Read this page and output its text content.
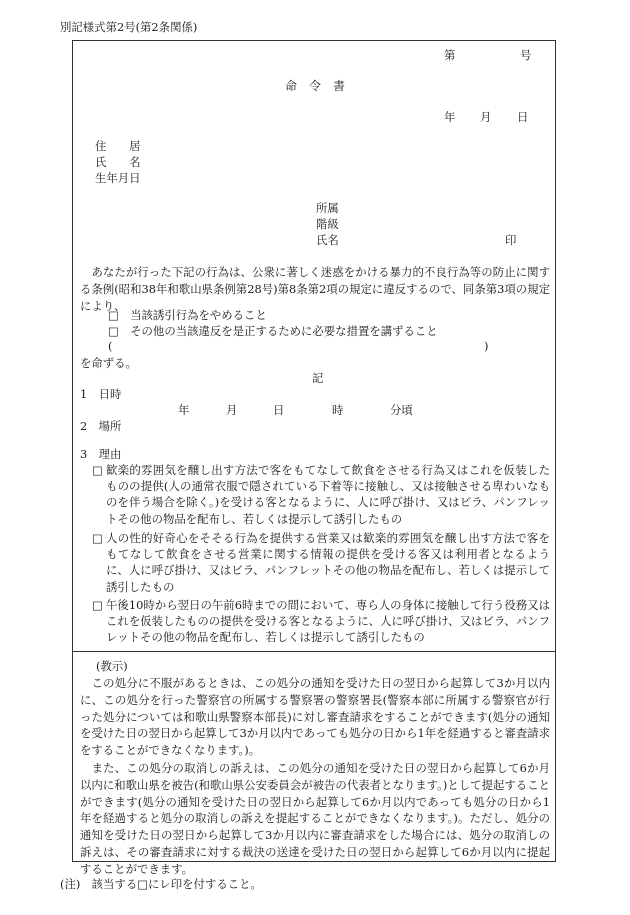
別記様式第2号(第2条関係)
第	号
命　令　書
年 月 日
住　　居
氏　　名
生年月日
所属
階級
氏名	印
　あなたが行った下記の行為は、公衆に著しく迷惑をかける暴力的不良行為等の防止に関する条例(昭和38年和歌山県条例第28号)第8条第2項の規定に違反するので、同条第3項の規定により、
□　当該誘引行為をやめること
□　その他の当該違反を是正するために必要な措置を講ずること
(	)
を命ずる。
記
1　日時
年	月	日	時	分頃
2　場所
3　理由
□ 歓楽的雰囲気を醸し出す方法で客をもてなして飲食をさせる行為又はこれを仮装したものの提供(人の通常衣服で隠されている下着等に接触し、又は接触させる卑わいなものを伴う場合を除く。)を受ける客となるように、人に呼び掛け、又はビラ、パンフレットその他の物品を配布し、若しくは提示して誘引したもの
□ 人の性的好奇心をそそる行為を提供する営業又は歓楽的雰囲気を醸し出す方法で客をもてなして飲食をさせる営業に関する情報の提供を受ける客又は利用者となるように、人に呼び掛け、又はビラ、パンフレットその他の物品を配布し、若しくは提示して誘引したもの
□ 午後10時から翌日の午前6時までの間において、専ら人の身体に接触して行う役務又はこれを仮装したものの提供を受ける客となるように、人に呼び掛け、又はビラ、パンフレットその他の物品を配布し、若しくは提示して誘引したもの
(教示)
　この処分に不服があるときは、この処分の通知を受けた日の翌日から起算して3か月以内に、この処分を行った警察官の所属する警察署の警察署長(警察本部に所属する警察官が行った処分については和歌山県警察本部長)に対し審査請求をすることができます(処分の通知を受けた日の翌日から起算して3か月以内であっても処分の日から1年を経過すると審査請求をすることができなくなります。)。
　また、この処分の取消しの訴えは、この処分の通知を受けた日の翌日から起算して6か月以内に和歌山県を被告(和歌山県公安委員会が被告の代表者となります。)として提起することができます(処分の通知を受けた日の翌日から起算して6か月以内であっても処分の日から1年を経過すると処分の取消しの訴えを提起することができなくなります。)。ただし、処分の通知を受けた日の翌日から起算して3か月以内に審査請求をした場合には、処分の取消しの訴えは、その審査請求に対する裁決の送達を受けた日の翌日から起算して6か月以内に提起することができます。
(注)　該当する□にレ印を付すること。
